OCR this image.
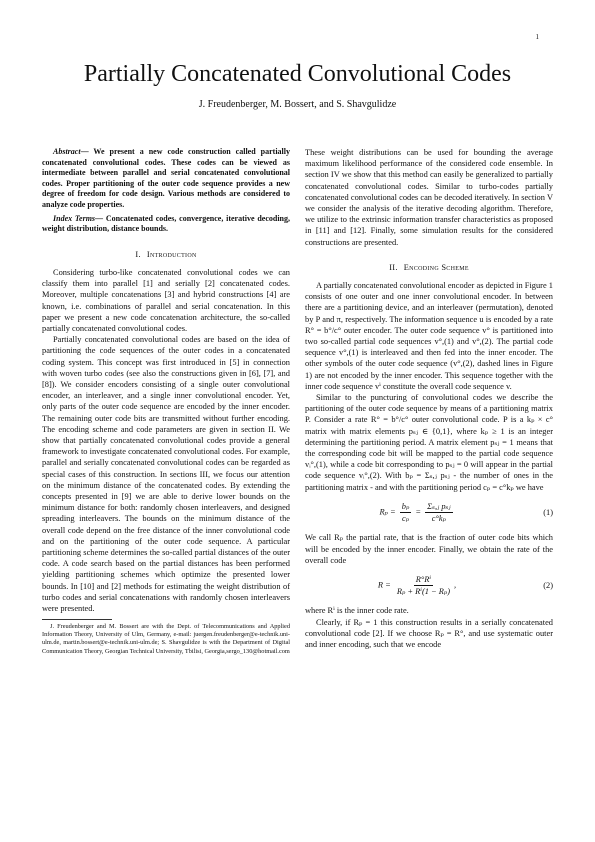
1
Partially Concatenated Convolutional Codes
J. Freudenberger, M. Bossert, and S. Shavgulidze

Abstract— We present a new code construction called partially concatenated convolutional codes. These codes can be viewed as intermediate between parallel and serial concatenated convolutional codes. Proper partitioning of the outer code sequence provides a new degree of freedom for code design. Various methods are considered to analyze code properties.

Index Terms— Concatenated codes, convergence, iterative decoding, weight distribution, distance bounds.

I. Introduction

Considering turbo-like concatenated convolutional codes we can classify them into parallel [1] and serially [2] concatenated codes. Moreover, multiple concatenations [3] and hybrid constructions [4] are known, i.e. combinations of parallel and serial concatenation. In this paper we present a new code concatenation architecture, the so-called partially concatenated convolutional codes.

Partially concatenated convolutional codes are based on the idea of partitioning the code sequences of the outer codes in a concatenated coding system. This concept was first introduced in [5] in connection with woven turbo codes (see also the constructions given in [6], [7], and [8]). We consider encoders consisting of a single outer convolutional encoder, an interleaver, and a single inner convolutional encoder. Yet, only parts of the outer code sequence are encoded by the inner encoder. The remaining outer code bits are transmitted without further encoding. The encoding scheme and code parameters are given in section II. We show that partially concatenated convolutional codes provide a general framework to investigate concatenated convolutional codes. For example, parallel and serially concatenated convolutional codes can be regarded as special cases of this construction. In sections III, we focus our attention on the minimum distance of the concatenated codes. By extending the concepts presented in [9] we are able to derive lower bounds on the minimum distance for both: randomly chosen interleavers, and designed spreading interleavers. The bounds on the minimum distance of the overall code depend on the free distance of the inner convolutional code and on the partitioning of the outer code sequence. A particular partitioning scheme determines the so-called partial distances of the outer code. A code search based on the partial distances has been performed yielding partitioning schemes which optimize the presented lower bounds. In [10] and [2] methods for estimating the weight distribution of turbo codes and serial concatenations with randomly chosen interleavers were presented.

J. Freudenberger and M. Bossert are with the Dept. of Telecommunications and Applied Information Theory, University of Ulm, Germany, e-mail: juergen.freudenberger@e-technik.uni-ulm.de, martin.bossert@e-technik.uni-ulm.de; S. Shavgulidze is with the Department of Digital Communication Theory, Georgian Technical University, Tbilisi, Georgia,sergo_130@hotmail.com

These weight distributions can be used for bounding the average maximum likelihood performance of the considered code ensemble. In section IV we show that this method can easily be generalized to partially concatenated convolutional codes. Similar to turbo-codes partially concatenated convolutional codes can be decoded iteratively. In section V we consider the analysis of the iterative decoding algorithm. Therefore, we utilize to the extrinsic information transfer characteristics as proposed in [11] and [12]. Finally, some simulation results for the considered constructions are presented.

II. Encoding Scheme

A partially concatenated convolutional encoder as depicted in Figure 1 consists of one outer and one inner convolutional encoder. In between there are a partitioning device, and an interleaver (permutation), denoted by P and π, respectively. The information sequence u is encoded by a rate R° = b°/c° outer encoder. The outer code sequence v° is partitioned into two so-called partial code sequences v°,(1) and v°,(2). The partial code sequence v°,(1) is interleaved and then fed into the inner encoder. The other symbols of the outer code sequence (v°,(2), dashed lines in Figure 1) are not encoded by the inner encoder. This sequence together with the inner code sequence vⁱ constitute the overall code sequence v.

Similar to the puncturing of convolutional codes we describe the partitioning of the outer code sequence by means of a partitioning matrix P. Consider a rate R° = b°/c° outer convolutional code. P is a kₚ × c° matrix with matrix elements pₛⱼ ∈ {0,1}, where kₚ ≥ 1 is an integer determining the partitioning period. A matrix element pₛⱼ = 1 means that the corresponding code bit will be mapped to the partial code sequence vᵢ°,(1), while a code bit corresponding to pₛⱼ = 0 will appear in the partial code sequence vᵢ°,(2). With bₚ = Σₛ,ⱼ pₛⱼ - the number of ones in the partitioning matrix - and with the partitioning period cₚ = c°kₚ we have

$R_p = \frac{\text{bₚ}}{\text{cₚ}} = \frac{\text{Σₛ,ⱼ pₛⱼ}}{\text{c°kₚ}}$	(1)

We call Rₚ the partial rate, that is the fraction of outer code bits which will be encoded by the inner encoder. Finally, we obtain the rate of the overall code

$R = \frac{\text{R°Rⁱ}}{\text{Rₚ + Rⁱ(1 − Rₚ)}}$ ,	(2)

where Rⁱ is the inner code rate.

Clearly, if Rₚ = 1 this construction results in a serially concatenated convolutional code [2]. If we choose Rₚ = R°, and use systematic outer and inner encoding, such that we encode
